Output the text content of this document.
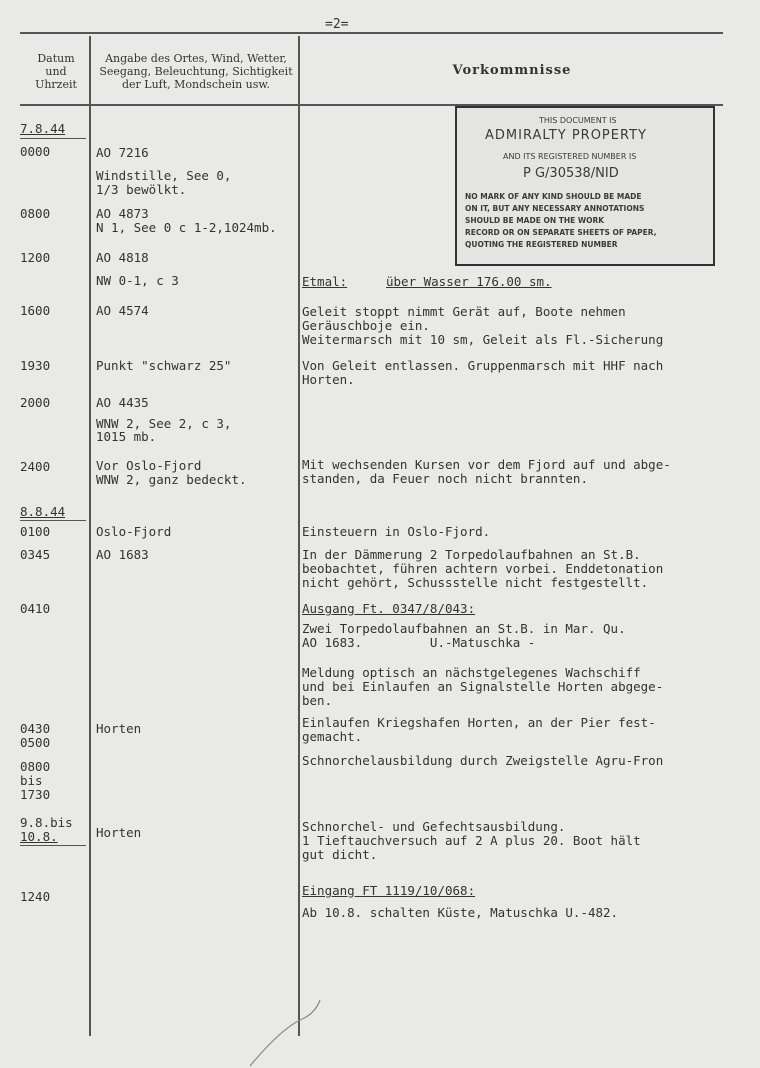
=2=
Datum
und
Uhrzeit
Angabe des Ortes, Wind, Wetter,
Seegang, Beleuchtung, Sichtigkeit
der Luft, Mondschein usw.
Vorkommnisse
THIS DOCUMENT IS
ADMIRALTY PROPERTY
AND ITS REGISTERED NUMBER IS
P G/30538/NID
NO MARK OF ANY KIND SHOULD BE MADE
ON IT, BUT ANY NECESSARY ANNOTATIONS
SHOULD BE MADE ON THE WORK
RECORD OR ON SEPARATE SHEETS OF PAPER,
QUOTING THE REGISTERED NUMBER
7.8.44
0000
0800
1200
1600
1930
2000
2400
8.8.44
0100
0345
0410
0430
0500
0800
bis
1730
9.8.bis
10.8.
1240
AO 7216
Windstille, See 0,
1/3 bewölkt.
AO 4873
N 1, See 0 c 1-2,1024mb.
AO 4818
NW 0-1, c 3
AO 4574
Punkt "schwarz 25"
AO 4435
WNW 2, See 2, c 3,
1015 mb.
Vor Oslo-Fjord
WNW 2, ganz bedeckt.
Oslo-Fjord
AO 1683
Horten
Horten
Etmal:	über Wasser 176.00 sm.
Geleit stoppt nimmt Gerät auf, Boote nehmen
Geräuschboje ein.
Weitermarsch mit 10 sm, Geleit als Fl.-Sicherung
Von Geleit entlassen. Gruppenmarsch mit HHF nach
Horten.
Mit wechsenden Kursen vor dem Fjord auf und abge-
standen, da Feuer noch nicht brannten.
Einsteuern in Oslo-Fjord.
In der Dämmerung 2 Torpedolaufbahnen an St.B.
beobachtet, führen achtern vorbei. Enddetonation
nicht gehört, Schussstelle nicht festgestellt.
Ausgang Ft. 0347/8/043:
Zwei Torpedolaufbahnen an St.B. in Mar. Qu.
AO 1683.         U.-Matuschka -
Meldung optisch an nächstgelegenes Wachschiff
und bei Einlaufen an Signalstelle Horten abgege-
ben.
Einlaufen Kriegshafen Horten, an der Pier fest-
gemacht.
Schnorchelausbildung durch Zweigstelle Agru-Fron
Schnorchel- und Gefechtsausbildung.
1 Tieftauchversuch auf 2 A plus 20. Boot hält
gut dicht.
Eingang FT 1119/10/068:
Ab 10.8. schalten Küste, Matuschka U.-482.
